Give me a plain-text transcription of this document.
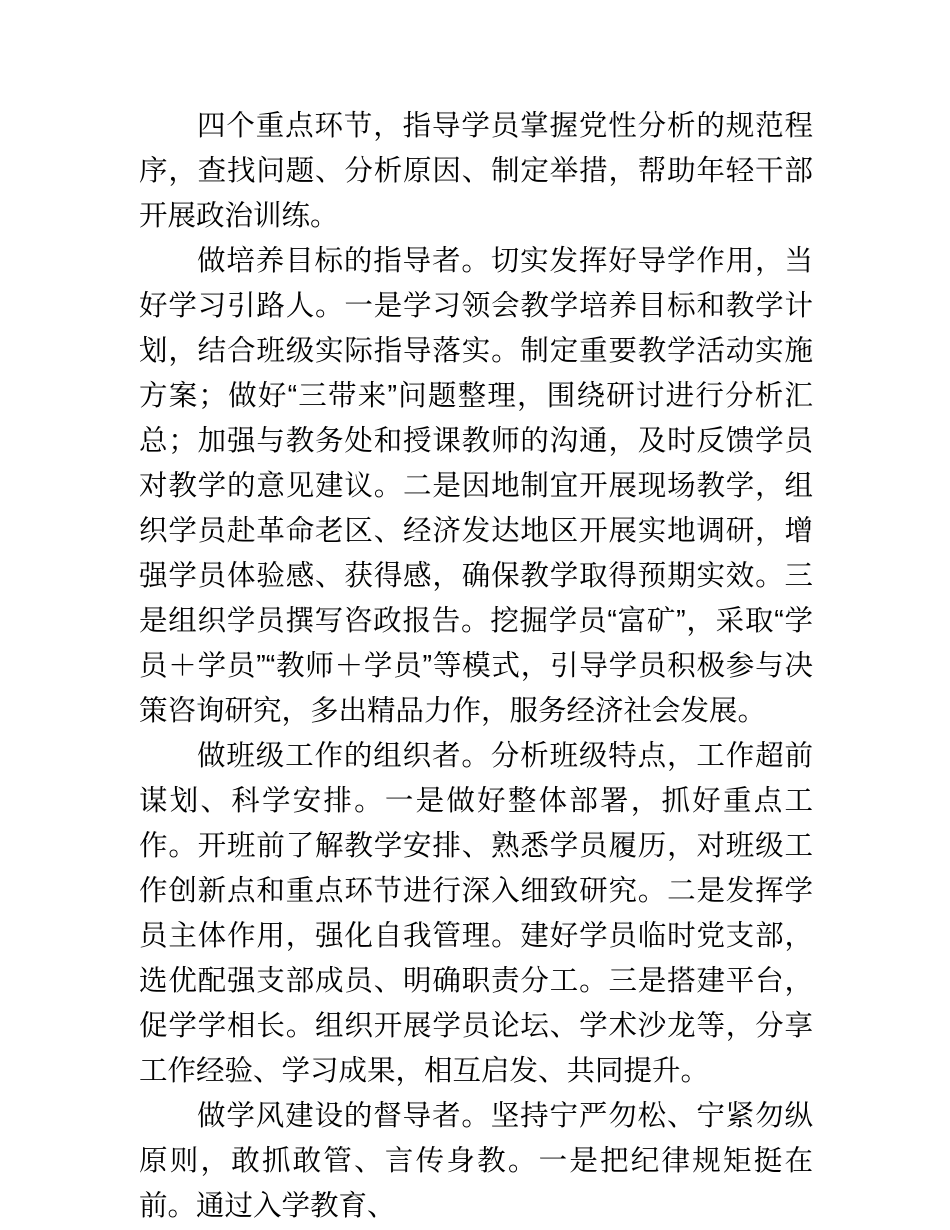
四个重点环节，指导学员掌握党性分析的规范程序，查找问题、分析原因、制定举措，帮助年轻干部开展政治训练。

做培养目标的指导者。切实发挥好导学作用，当好学习引路人。一是学习领会教学培养目标和教学计划，结合班级实际指导落实。制定重要教学活动实施方案；做好“三带来”问题整理，围绕研讨进行分析汇总；加强与教务处和授课教师的沟通，及时反馈学员对教学的意见建议。二是因地制宜开展现场教学，组织学员赴革命老区、经济发达地区开展实地调研，增强学员体验感、获得感，确保教学取得预期实效。三是组织学员撰写咨政报告。挖掘学员“富矿”，采取“学员＋学员”“教师＋学员”等模式，引导学员积极参与决策咨询研究，多出精品力作，服务经济社会发展。

做班级工作的组织者。分析班级特点，工作超前谋划、科学安排。一是做好整体部署，抓好重点工作。开班前了解教学安排、熟悉学员履历，对班级工作创新点和重点环节进行深入细致研究。二是发挥学员主体作用，强化自我管理。建好学员临时党支部，选优配强支部成员、明确职责分工。三是搭建平台，促学学相长。组织开展学员论坛、学术沙龙等，分享工作经验、学习成果，相互启发、共同提升。

做学风建设的督导者。坚持宁严勿松、宁紧勿纵原则，敢抓敢管、言传身教。一是把纪律规矩挺在前。通过入学教育、
